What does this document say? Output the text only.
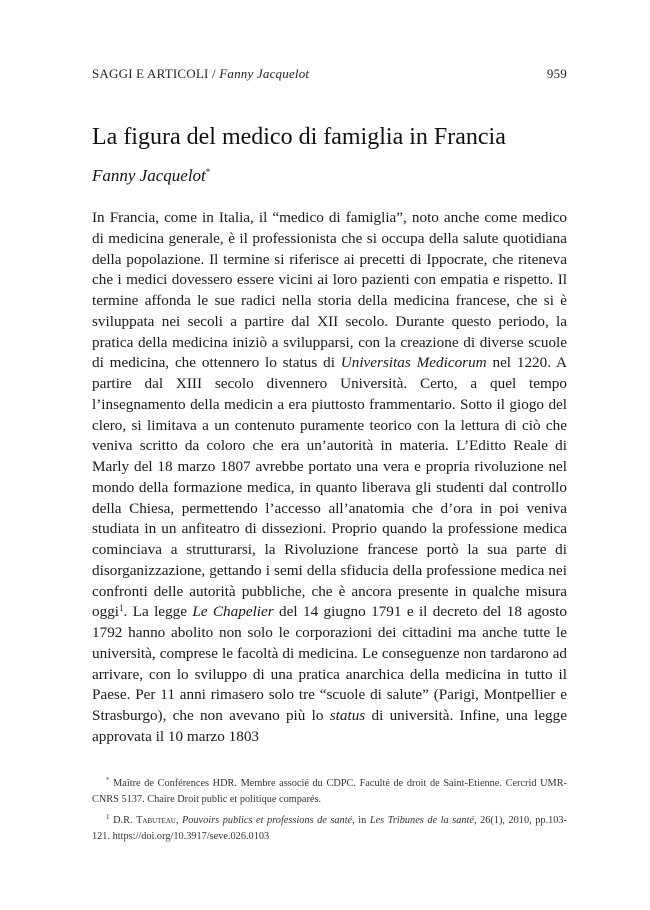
SAGGI E ARTICOLI / Fanny Jacquelot	959
La figura del medico di famiglia in Francia
Fanny Jacquelot*

In Francia, come in Italia, il “medico di famiglia”, noto anche come medico di medicina generale, è il professionista che si occupa della salute quotidiana della popolazione. Il termine si riferisce ai precetti di Ippocrate, che riteneva che i medici dovessero essere vicini ai loro pazienti con empatia e rispetto. Il termine affonda le sue radici nella storia della medicina francese, che si è sviluppata nei secoli a partire dal XII secolo. Durante questo periodo, la pratica della medicina iniziò a svilupparsi, con la creazione di diverse scuole di medicina, che ottennero lo status di Universitas Medicorum nel 1220. A partire dal XIII secolo divennero Università. Certo, a quel tempo l’insegnamento della medicin a era piuttosto frammentario. Sotto il giogo del clero, si limitava a un contenuto puramente teorico con la lettura di ciò che veniva scritto da coloro che era un’autorità in materia. L’Editto Reale di Marly del 18 marzo 1807 avrebbe portato una vera e propria rivoluzione nel mondo della formazione medica, in quanto liberava gli studenti dal controllo della Chiesa, permettendo l’accesso all’anatomia che d’ora in poi veniva studiata in un anfiteatro di dissezioni. Proprio quando la professione medica cominciava a strutturarsi, la Rivoluzione francese portò la sua parte di disorganizzazione, gettando i semi della sfiducia della professione medica nei confronti delle autorità pubbliche, che è ancora presente in qualche misura oggi$^1$. La legge Le Chapelier del 14 giugno 1791 e il decreto del 18 agosto 1792 hanno abolito non solo le corporazioni dei cittadini ma anche tutte le università, comprese le facoltà di medicina. Le conseguenze non tardarono ad arrivare, con lo sviluppo di una pratica anarchica della medicina in tutto il Paese. Per 11 anni rimasero solo tre “scuole di salute” (Parigi, Montpellier e Strasburgo), che non avevano più lo status di università. Infine, una legge approvata il 10 marzo 1803

* Maître de Conférences HDR. Membre associé du CDPC. Faculté de droit de Saint-Etienne. Cercrid UMR-CNRS 5137. Chaire Droit public et politique comparés.

$^1$ D.R. Tabuteau, Pouvoirs publics et professions de santé, in Les Tribunes de la santé, 26(1), 2010, pp.103-121. https://doi.org/10.3917/seve.026.0103
